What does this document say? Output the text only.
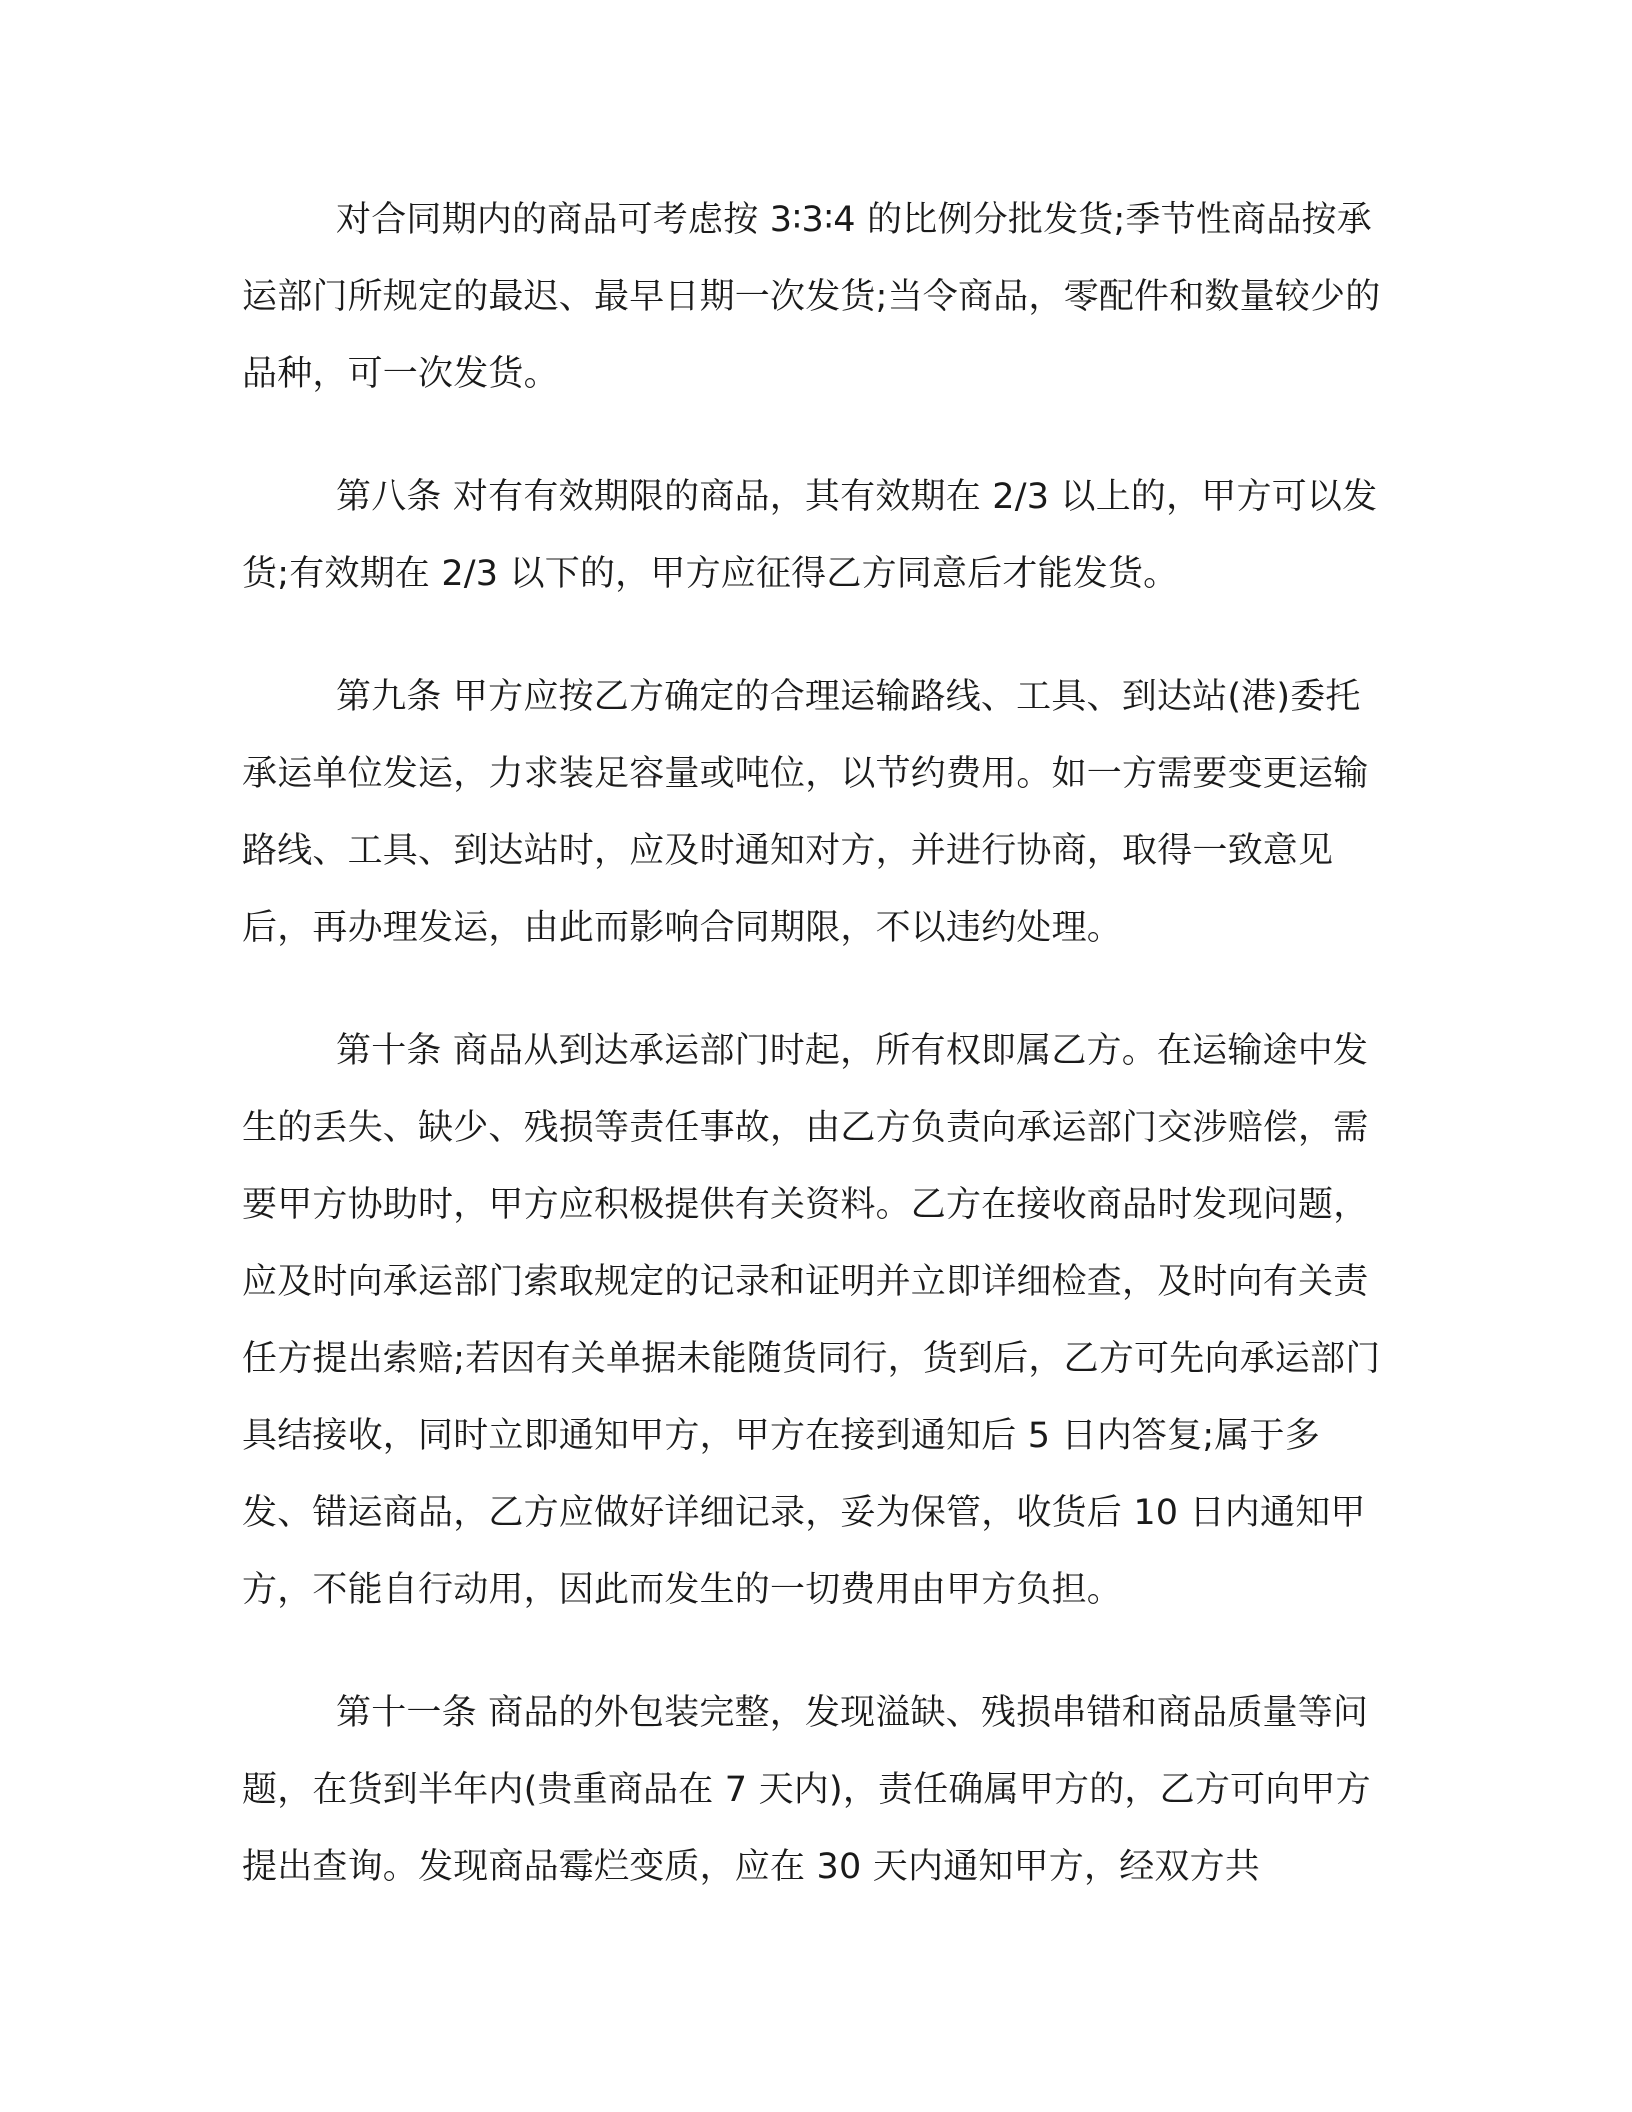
对合同期内的商品可考虑按 3∶3∶4 的比例分批发货;季节性商品按承运部门所规定的最迟、最早日期一次发货;当令商品，零配件和数量较少的品种，可一次发货。

第八条 对有有效期限的商品，其有效期在 2/3 以上的，甲方可以发货;有效期在 2/3 以下的，甲方应征得乙方同意后才能发货。

第九条 甲方应按乙方确定的合理运输路线、工具、到达站(港)委托承运单位发运，力求装足容量或吨位，以节约费用。如一方需要变更运输路线、工具、到达站时，应及时通知对方，并进行协商，取得一致意见后，再办理发运，由此而影响合同期限，不以违约处理。

第十条 商品从到达承运部门时起，所有权即属乙方。在运输途中发生的丢失、缺少、残损等责任事故，由乙方负责向承运部门交涉赔偿，需要甲方协助时，甲方应积极提供有关资料。乙方在接收商品时发现问题，应及时向承运部门索取规定的记录和证明并立即详细检查，及时向有关责任方提出索赔;若因有关单据未能随货同行，货到后，乙方可先向承运部门具结接收，同时立即通知甲方，甲方在接到通知后 5 日内答复;属于多发、错运商品，乙方应做好详细记录，妥为保管，收货后 10 日内通知甲方，不能自行动用，因此而发生的一切费用由甲方负担。

第十一条 商品的外包装完整，发现溢缺、残损串错和商品质量等问题，在货到半年内(贵重商品在 7 天内)，责任确属甲方的，乙方可向甲方提出查询。发现商品霉烂变质，应在 30 天内通知甲方，经双方共
